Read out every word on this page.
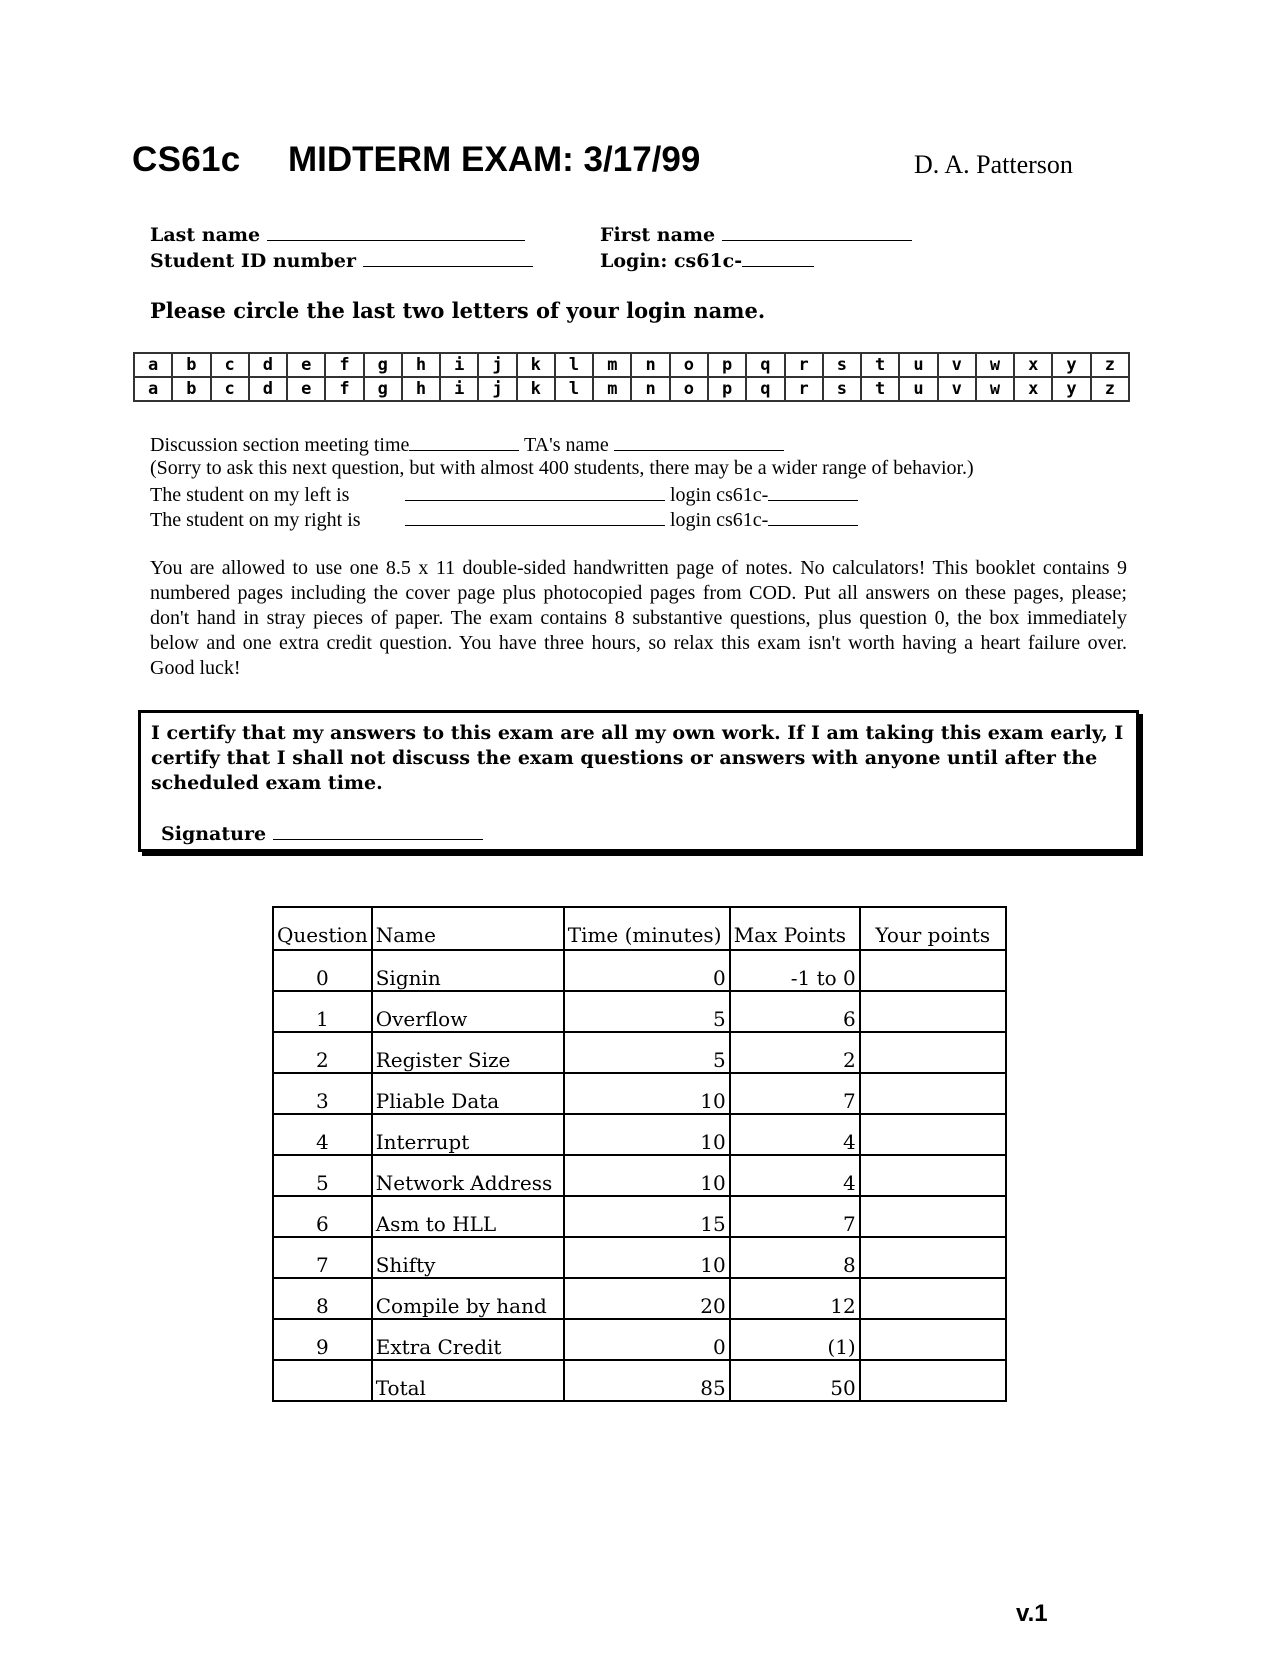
CS61c MIDTERM EXAM: 3/17/99	D. A. Patterson
Last name	First name
Student ID number	Login: cs61c-
Please circle the last two letters of your login name.
a	b	c	d	e	f	g	h	i	j	k	l	m	n	o	p	q	r	s	t	u	v	w	x	y	z
a	b	c	d	e	f	g	h	i	j	k	l	m	n	o	p	q	r	s	t	u	v	w	x	y	z
Discussion section meeting time	TA's name
(Sorry to ask this next question, but with almost 400 students, there may be a wider range of behavior.)
The student on my left is	login cs61c-
The student on my right is	login cs61c-
You are allowed to use one 8.5 x 11 double-sided handwritten page of notes. No calculators! This booklet contains 9 numbered pages including the cover page plus photocopied pages from COD. Put all answers on these pages, please; don't hand in stray pieces of paper. The exam contains 8 substantive questions, plus question 0, the box immediately below and one extra credit question. You have three hours, so relax this exam isn't worth having a heart failure over. Good luck!
I certify that my answers to this exam are all my own work. If I am taking this exam early, I certify that I shall not discuss the exam questions or answers with anyone until after the scheduled exam time.
Signature
Question	Name	Time (minutes)	Max Points	Your points
0	Signin	0	-1 to 0	
1	Overflow	5	6	
2	Register Size	5	2	
3	Pliable Data	10	7	
4	Interrupt	10	4	
5	Network Address	10	4	
6	Asm to HLL	15	7	
7	Shifty	10	8	
8	Compile by hand	20	12	
9	Extra Credit	0	(1)	
	Total	85	50	
v.1
